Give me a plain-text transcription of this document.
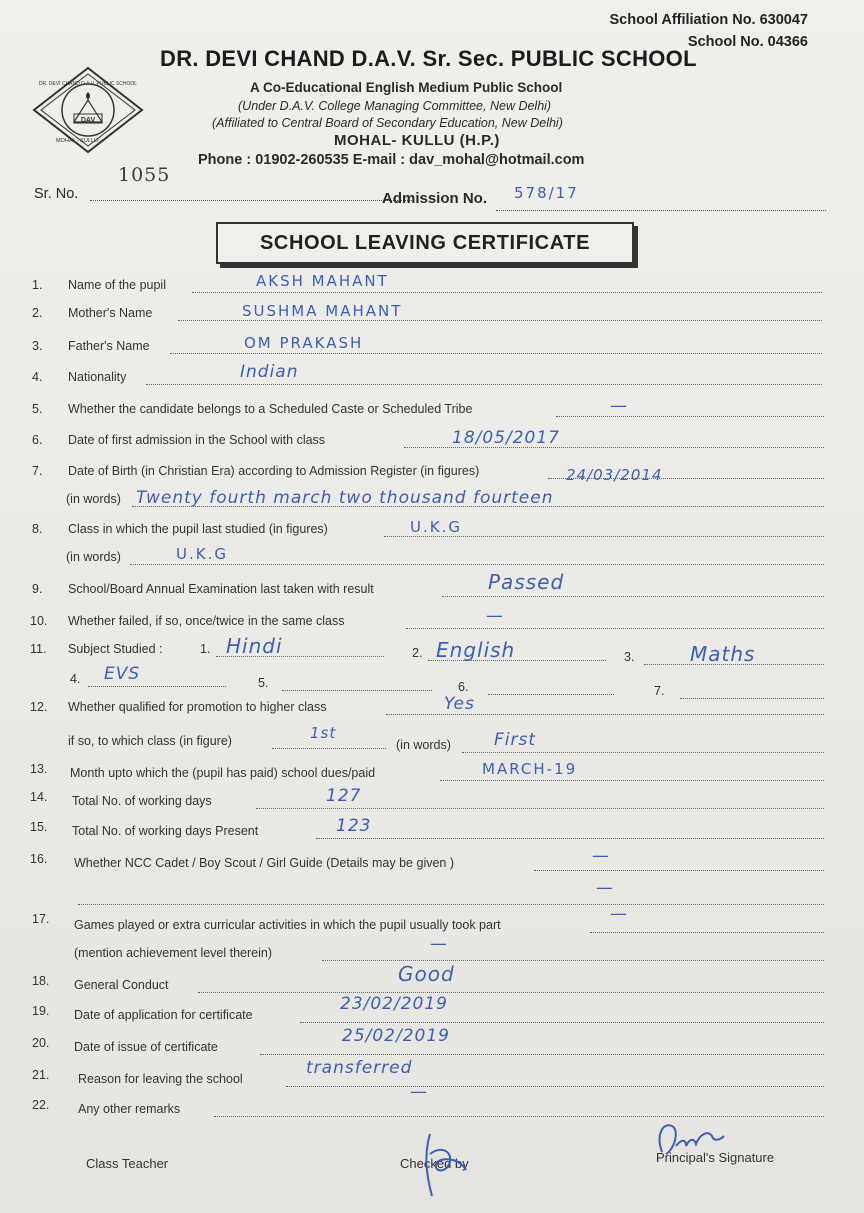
School Affiliation No. 630047
School No. 04366
DAV
DR. DEVI CHAND D.A.V. PUBLIC SCHOOL
MOHAL - KULLU
DR. DEVI CHAND D.A.V. Sr. Sec. PUBLIC SCHOOL
A Co-Educational English Medium Public School
(Under D.A.V. College Managing Committee, New Delhi)
(Affiliated to Central Board of Secondary Education, New Delhi)
MOHAL- KULLU (H.P.)
Phone : 01902-260535 E-mail : dav_mohal@hotmail.com
Sr. No.
1055
Admission No. 578/17
SCHOOL LEAVING CERTIFICATE
1. Name of the pupil	AKSH MAHANT
2. Mother's Name	SUSHMA MAHANT
3. Father's Name	OM PRAKASH
4. Nationality	Indian
5. Whether the candidate belongs to a Scheduled Caste or Scheduled Tribe	—
6. Date of first admission in the School with class	18/05/2017
7. Date of Birth (in Christian Era) according to Admission Register (in figures)	24/03/2014
(in words) Twenty fourth march two thousand fourteen
8. Class in which the pupil last studied (in figures)	U.K.G
(in words)	U.K.G
9. School/Board Annual Examination last taken with result	Passed
10. Whether failed, if so, once/twice in the same class	—
11. Subject Studied :	1. Hindi	2. English	3.	Maths
4. EVS	5.	6.	7.
12. Whether qualified for promotion to higher class	Yes
if so, to which class (in figure)	1st
(in words)	First
13. Month upto which the (pupil has paid) school dues/paid	MARCH-19
14. Total No. of working days	127
15. Total No. of working days Present	123
16. Whether NCC Cadet / Boy Scout / Girl Guide (Details may be given )	—
—
17. Games played or extra curricular activities in which the pupil usually took part
—
(mention achievement level therein)	—
18. General Conduct	Good
19. Date of application for certificate
23/02/2019
20. Date of issue of certificate
25/02/2019
21. Reason for leaving the school
transferred
22. Any other remarks
—
Class Teacher	Checked by	Principal's Signature
